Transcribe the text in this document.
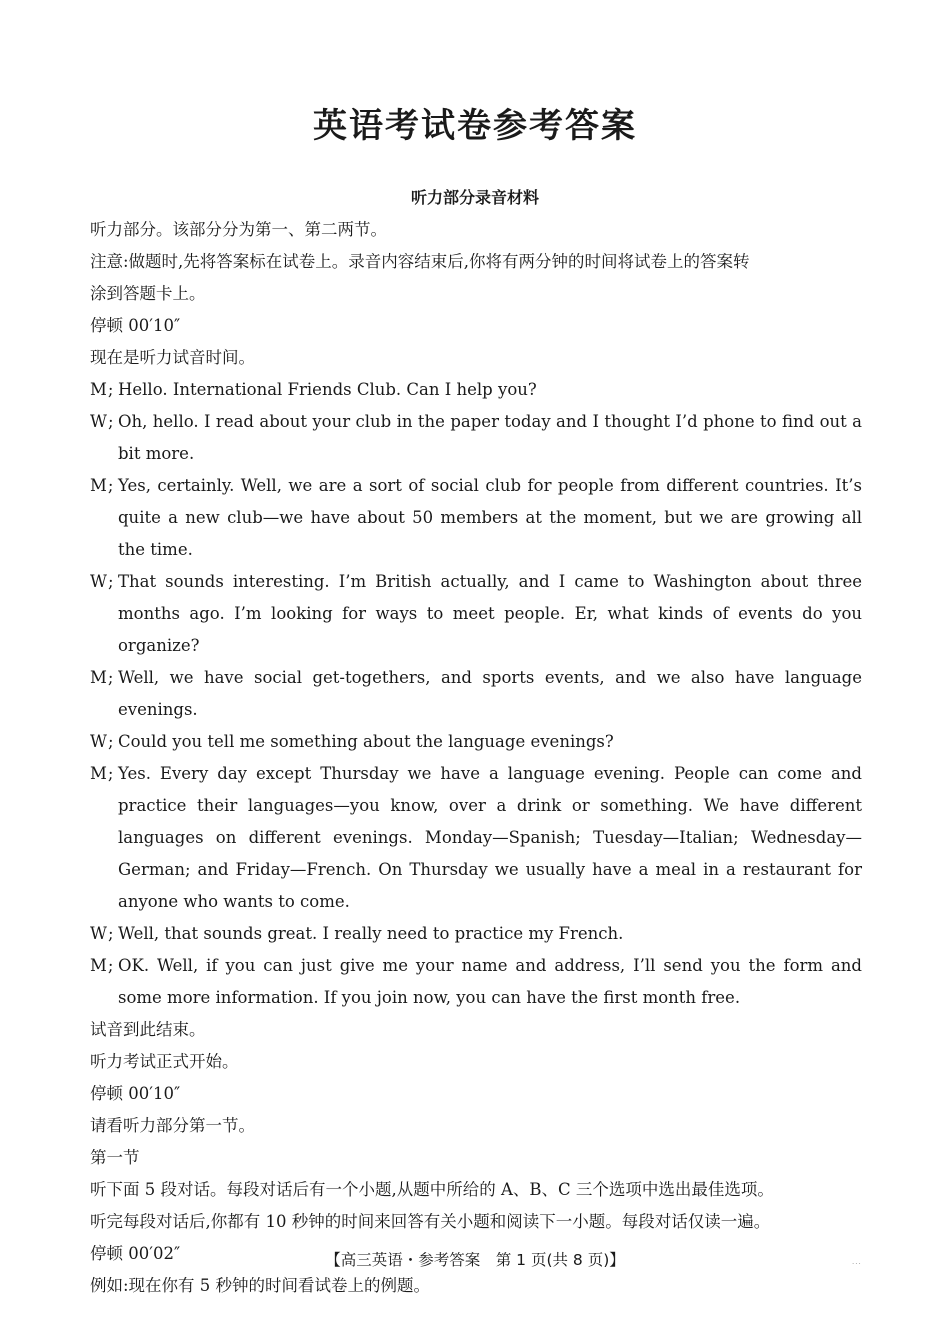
英语考试卷参考答案
听力部分录音材料
听力部分。该部分分为第一、第二两节。
注意:做题时,先将答案标在试卷上。录音内容结束后,你将有两分钟的时间将试卷上的答案转
涂到答题卡上。
停顿 00′10″
现在是听力试音时间。
M; Hello. International Friends Club. Can I help you?
W; Oh, hello. I read about your club in the paper today and I thought I’d phone to find out a bit more.
M; Yes, certainly. Well, we are a sort of social club for people from different countries. It’s quite a new club—we have about 50 members at the moment, but we are growing all the time.
W; That sounds interesting. I’m British actually, and I came to Washington about three months ago. I’m looking for ways to meet people. Er, what kinds of events do you organize?
M; Well, we have social get-togethers, and sports events, and we also have language evenings.
W; Could you tell me something about the language evenings?
M; Yes. Every day except Thursday we have a language evening. People can come and practice their languages—you know, over a drink or something. We have different languages on different evenings. Monday—Spanish; Tuesday—Italian; Wednesday—German; and Friday—French. On Thursday we usually have a meal in a restaurant for anyone who wants to come.
W; Well, that sounds great. I really need to practice my French.
M; OK. Well, if you can just give me your name and address, I’ll send you the form and some more information. If you join now, you can have the first month free.
试音到此结束。
听力考试正式开始。
停顿 00′10″
请看听力部分第一节。
第一节
听下面 5 段对话。每段对话后有一个小题,从题中所给的 A、B、C 三个选项中选出最佳选项。
听完每段对话后,你都有 10 秒钟的时间来回答有关小题和阅读下一小题。每段对话仅读一遍。
停顿 00′02″
例如:现在你有 5 秒钟的时间看试卷上的例题。
【高三英语・参考答案　第 1 页(共 8 页)】	...
